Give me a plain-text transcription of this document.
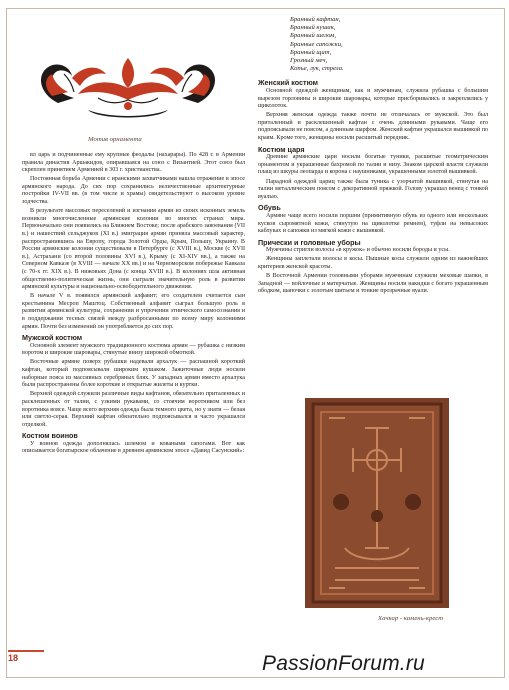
Мотив орнамента

вл царь и подчиненные ему крупные феодалы (нахарары). По 428 г. в Армении правила династия Аршакидов, опиравшаяся на союз с Византией. Этот союз был скреплен принятием Арменией в 303 г. христианства.

Постоянная борьба Армении с иранскими захватчиками нашла отражение в эпосе армянского народа. До сих пор сохранились величественные архитектурные постройки IV-VII вв. (в том числе и храмы) свидетельствуют о высоком уровне зодчества.

В результате массовых переселений и изгнания армян из своих исконных земель возникли многочисленные армянские колонии во многих странах мира. Первоначально они появились на Ближнем Востоке; после арабского завоевания (VII в.) и нашествий сельджуков (XI в.) эмиграция армян приняла массовый характер, распространившись на Европу, города Золотой Орды, Крым, Польшу, Украину. В России армянские колонии существовали в Петербурге (с XVIII в.), Москве (с XVII в.), Астрахани (со второй половины XVI в.), Крыму (с XI-XIV вв.), а также на Северном Кавказе (в XVIII — начале XX вв.) и на Черноморском побережье Кавказа (с 70-х гг. XIX в.). В нижовьях Дона (с конца XVIII в.). В колониях шла активная общественно-политическая жизнь, они сыграли значительную роль в развитии армянской культуры и национально-освободительного движения.

В начале V в. появился армянский алфавит; его создателем считается сын крестьянина Месроп Маштоц. Собственный алфавит сыграл большую роль в развитии армянской культуры, сохранении и упрочении этнического самосознания и в поддержании тесных связей между разбросанными по всему миру колониями армян. Почти без изменений он употребляется до сих пор.

Мужской костюм

Основной элемент мужского традиционного костюма армян — рубашка с низким воротом и широкие шаровары, стянутые внизу широкой обмоткой.

Восточные армяне поверх рубашки надевали архалук — распашной короткий кафтан, который подпоясывали широким кушаком. Зажиточные люди носили наборные пояса из массивных серебряных блях. У западных армян вместо архалука были распространены более короткие и открытые жилеты и куртки.

Верхней одеждой служили различные виды кафтанов, обязательно приталенных и расклешенных от талии, с узкими рукавами, со стоячим воротником или без воротника вовсе. Чаще всего верхняя одежда была темного цвета, но у знати — белая или светло-серая. Верхний кафтан обязательно подпоясывался и часто украшался отделкой.

Костюм воинов

У воинов одежда дополнялась шлемом и коваными сапогами. Вот как описывается богатырское облачение в древнем армянском эпосе «Давид Сасунский»:

Бранный кафтан,
Бранный кушак,
Бранный шелом,
Бранные сапожки,
Бранный щит,
Грозный меч,
Копье, лук, стрела.
Женский костюм

Основной одеждой женщинам, как и мужчинам, служила рубашка с большим вырезом горловины и широкие шаровары, которые присборивались и закреплялись у щиколоток.

Верхняя женская одежда также почти не отличалась от мужской. Это был приталенный и расклешенный кафтан с очень длинными рукавами. Чаще его подпоясывали не поясом, а длинным шарфом. Женский кафтан украшался вышивкой по краям. Кроме того, женщины носили расшитый передник.

Костюм царя

Древние армянские цари носили богатые туники, расшитые геометрическим орнаментом и украшенные бахромой по талии и низу. Знаком царской власти служили плащ из шкуры леопарда и корона с наушниками, украшенными золотой вышивкой.

Парадной одеждой цариц также была туника с узорчатой вышивкой, стянутая на талии металлическим поясом с декоративной пряжкой. Голову украшал венец с тонкой вуалью.

Обувь

Армяне чаще всего носили поршни (примитивную обувь из одного или нескольких кусков сыромятной кожи, стянутую на щиколотке ремнем), туфли на невысоких каблуках и сапожки из мягкой кожи с вышивкой.

Прически и головные уборы

Мужчины стригли волосы «в кружок» и обычно носили бороды и усы.

Женщины заплетали волосы в косы. Пышные косы служили одним из важнейших критериев женской красоты.

В Восточной Армении головными уборами мужчинам служили меховые шапки, в Западной — войлочные и матерчатые. Женщины носили накидки с богато украшенным ободком, шапочки с золотым шитьем и тонкие прозрачные вуали.

Хачкар - камень-крест
18	PassionForum.ru
